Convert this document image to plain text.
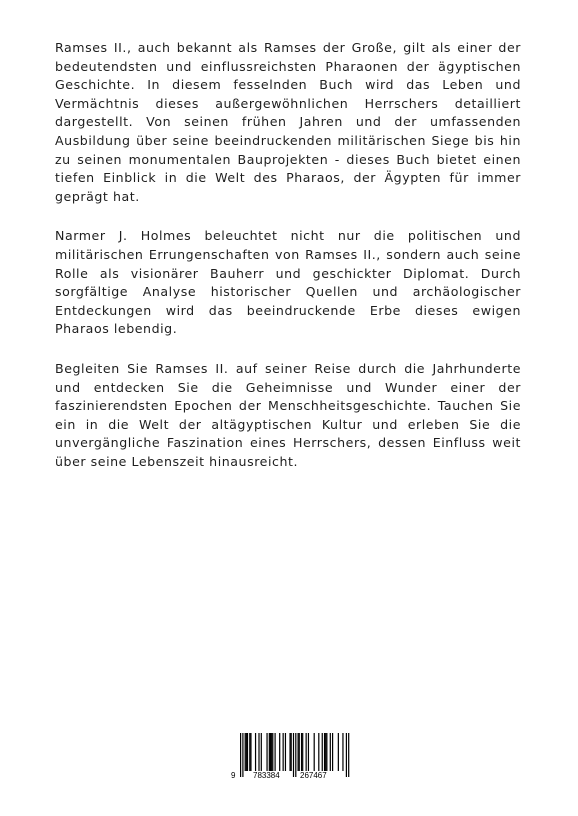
Ramses II., auch bekannt als Ramses der Große, gilt als einer der bedeutendsten und einflussreichsten Pharaonen der ägyptischen Geschichte. In diesem fesselnden Buch wird das Leben und Vermächtnis dieses außergewöhnlichen Herrschers detailliert dargestellt. Von seinen frühen Jahren und der umfassenden Ausbildung über seine beeindruckenden militärischen Siege bis hin zu seinen monumentalen Bauprojekten - dieses Buch bietet einen tiefen Einblick in die Welt des Pharaos, der Ägypten für immer geprägt hat.

Narmer J. Holmes beleuchtet nicht nur die politischen und militärischen Errungenschaften von Ramses II., sondern auch seine Rolle als visionärer Bauherr und geschickter Diplomat. Durch sorgfältige Analyse historischer Quellen und archäologischer Entdeckungen wird das beeindruckende Erbe dieses ewigen Pharaos lebendig.

Begleiten Sie Ramses II. auf seiner Reise durch die Jahrhunderte und entdecken Sie die Geheimnisse und Wunder einer der faszinierendsten Epochen der Menschheitsgeschichte. Tauchen Sie ein in die Welt der altägyptischen Kultur und erleben Sie die unvergängliche Faszination eines Herrschers, dessen Einfluss weit über seine Lebenszeit hinausreicht.

9 783384	267467
